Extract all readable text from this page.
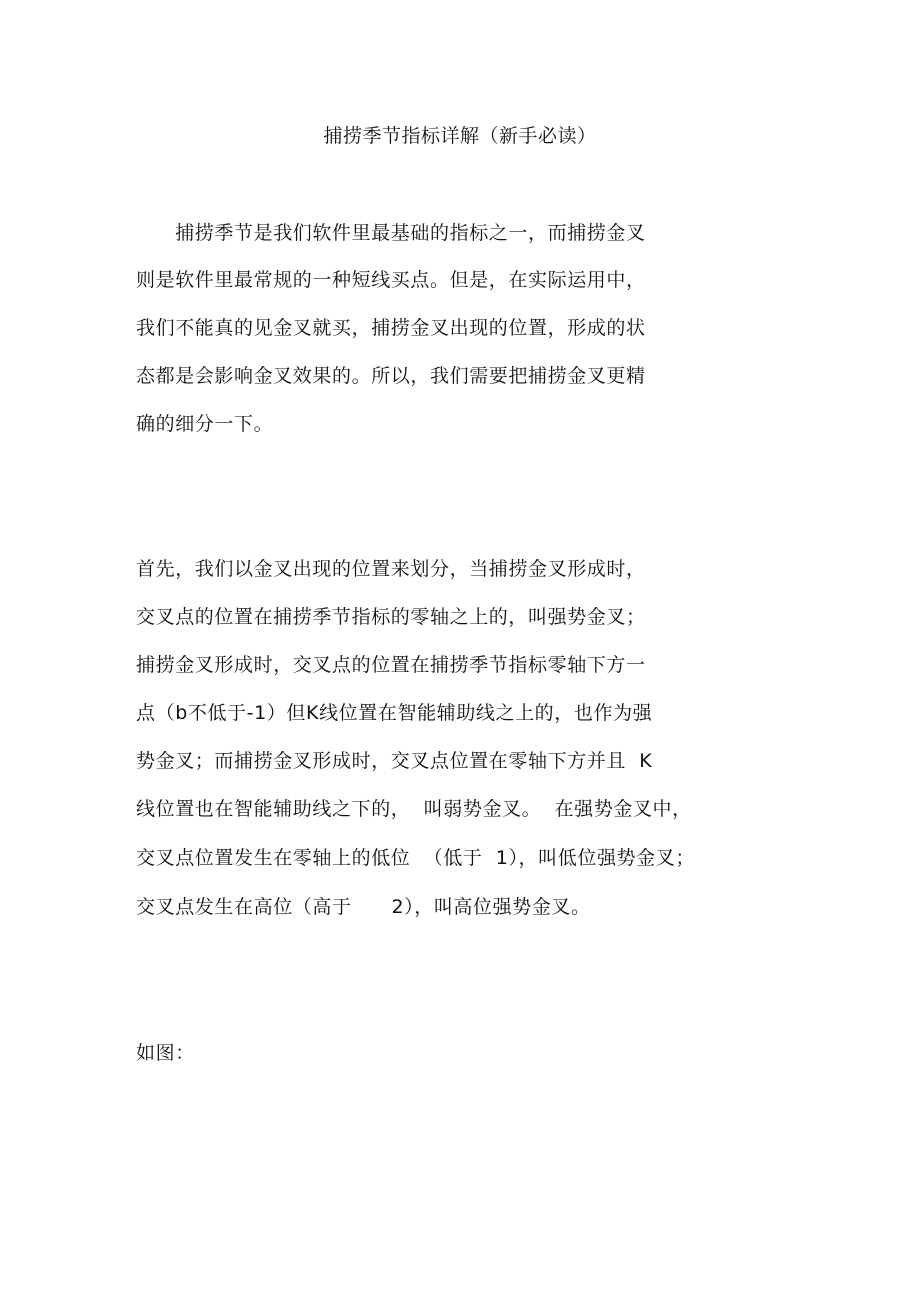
捕捞季节指标详解（新手必读）
　　捕捞季节是我们软件里最基础的指标之一，而捕捞金叉
则是软件里最常规的一种短线买点。但是，在实际运用中，
我们不能真的见金叉就买，捕捞金叉出现的位置，形成的状
态都是会影响金叉效果的。所以，我们需要把捕捞金叉更精
确的细分一下。
首先，我们以金叉出现的位置来划分，当捕捞金叉形成时，
交叉点的位置在捕捞季节指标的零轴之上的，叫强势金叉；
捕捞金叉形成时，交叉点的位置在捕捞季节指标零轴下方一
点（b不低于-1）但K线位置在智能辅助线之上的，也作为强
势金叉；而捕捞金叉形成时，交叉点位置在零轴下方并且  K
线位置也在智能辅助线之下的，  叫弱势金叉。  在强势金叉中，
交叉点位置发生在零轴上的低位  （低于  1），叫低位强势金叉；
交叉点发生在高位（高于      2），叫高位强势金叉。
如图：
